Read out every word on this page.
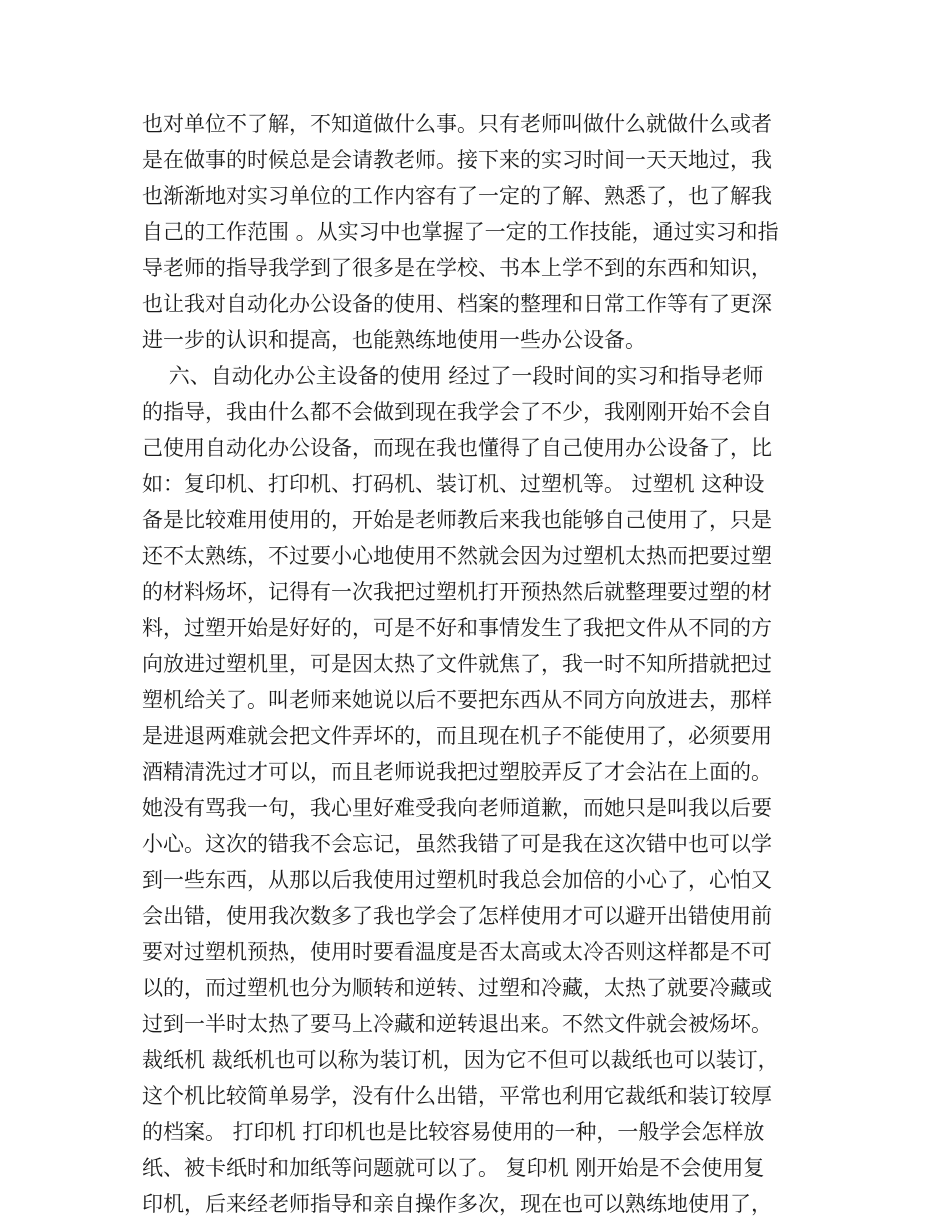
也对单位不了解，不知道做什么事。只有老师叫做什么就做什么或者
是在做事的时候总是会请教老师。接下来的实习时间一天天地过，我
也渐渐地对实习单位的工作内容有了一定的了解、熟悉了，也了解我
自己的工作范围 。从实习中也掌握了一定的工作技能，通过实习和指
导老师的指导我学到了很多是在学校、书本上学不到的东西和知识，
也让我对自动化办公设备的使用、档案的整理和日常工作等有了更深
进一步的认识和提高，也能熟练地使用一些办公设备。
六、自动化办公主设备的使用 经过了一段时间的实习和指导老师
的指导，我由什么都不会做到现在我学会了不少，我刚刚开始不会自
己使用自动化办公设备，而现在我也懂得了自己使用办公设备了，比
如：复印机、打印机、打码机、装订机、过塑机等。 过塑机 这种设
备是比较难用使用的，开始是老师教后来我也能够自己使用了，只是
还不太熟练，不过要小心地使用不然就会因为过塑机太热而把要过塑
的材料炀坏，记得有一次我把过塑机打开预热然后就整理要过塑的材
料，过塑开始是好好的，可是不好和事情发生了我把文件从不同的方
向放进过塑机里，可是因太热了文件就焦了，我一时不知所措就把过
塑机给关了。叫老师来她说以后不要把东西从不同方向放进去，那样
是进退两难就会把文件弄坏的，而且现在机子不能使用了，必须要用
酒精清洗过才可以，而且老师说我把过塑胶弄反了才会沾在上面的。
她没有骂我一句，我心里好难受我向老师道歉，而她只是叫我以后要
小心。这次的错我不会忘记，虽然我错了可是我在这次错中也可以学
到一些东西，从那以后我使用过塑机时我总会加倍的小心了，心怕又
会出错，使用我次数多了我也学会了怎样使用才可以避开出错使用前
要对过塑机预热，使用时要看温度是否太高或太冷否则这样都是不可
以的，而过塑机也分为顺转和逆转、过塑和冷藏，太热了就要冷藏或
过到一半时太热了要马上冷藏和逆转退出来。不然文件就会被炀坏。
裁纸机 裁纸机也可以称为装订机，因为它不但可以裁纸也可以装订，
这个机比较简单易学，没有什么出错，平常也利用它裁纸和装订较厚
的档案。 打印机 打印机也是比较容易使用的一种，一般学会怎样放
纸、被卡纸时和加纸等问题就可以了。 复印机 刚开始是不会使用复
印机，后来经老师指导和亲自操作多次，现在也可以熟练地使用了，
